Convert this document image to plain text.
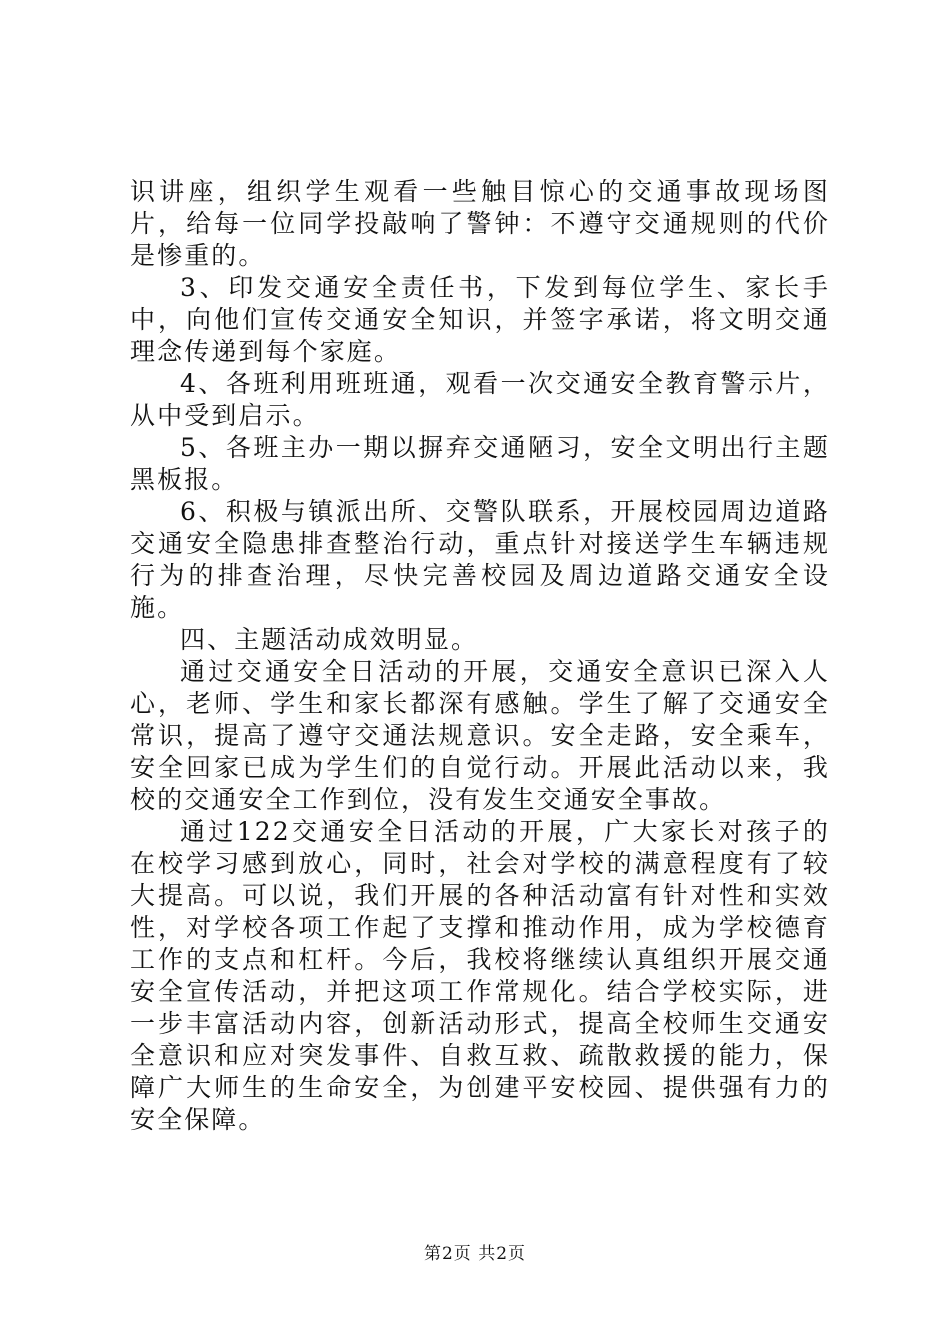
识讲座，组织学生观看一些触目惊心的交通事故现场图片，给每一位同学投敲响了警钟：不遵守交通规则的代价是惨重的。

3、印发交通安全责任书，下发到每位学生、家长手中，向他们宣传交通安全知识，并签字承诺，将文明交通理念传递到每个家庭。

4、各班利用班班通，观看一次交通安全教育警示片，从中受到启示。

5、各班主办一期以摒弃交通陋习，安全文明出行主题黑板报。

6、积极与镇派出所、交警队联系，开展校园周边道路交通安全隐患排查整治行动，重点针对接送学生车辆违规行为的排查治理，尽快完善校园及周边道路交通安全设施。

四、主题活动成效明显。

通过交通安全日活动的开展，交通安全意识已深入人心，老师、学生和家长都深有感触。学生了解了交通安全常识，提高了遵守交通法规意识。安全走路，安全乘车，安全回家已成为学生们的自觉行动。开展此活动以来，我校的交通安全工作到位，没有发生交通安全事故。

通过122交通安全日活动的开展，广大家长对孩子的在校学习感到放心，同时，社会对学校的满意程度有了较大提高。可以说，我们开展的各种活动富有针对性和实效性，对学校各项工作起了支撑和推动作用，成为学校德育工作的支点和杠杆。今后，我校将继续认真组织开展交通安全宣传活动，并把这项工作常规化。结合学校实际，进一步丰富活动内容，创新活动形式，提高全校师生交通安全意识和应对突发事件、自救互救、疏散救援的能力，保障广大师生的生命安全，为创建平安校园、提供强有力的安全保障。

第2页 共2页
